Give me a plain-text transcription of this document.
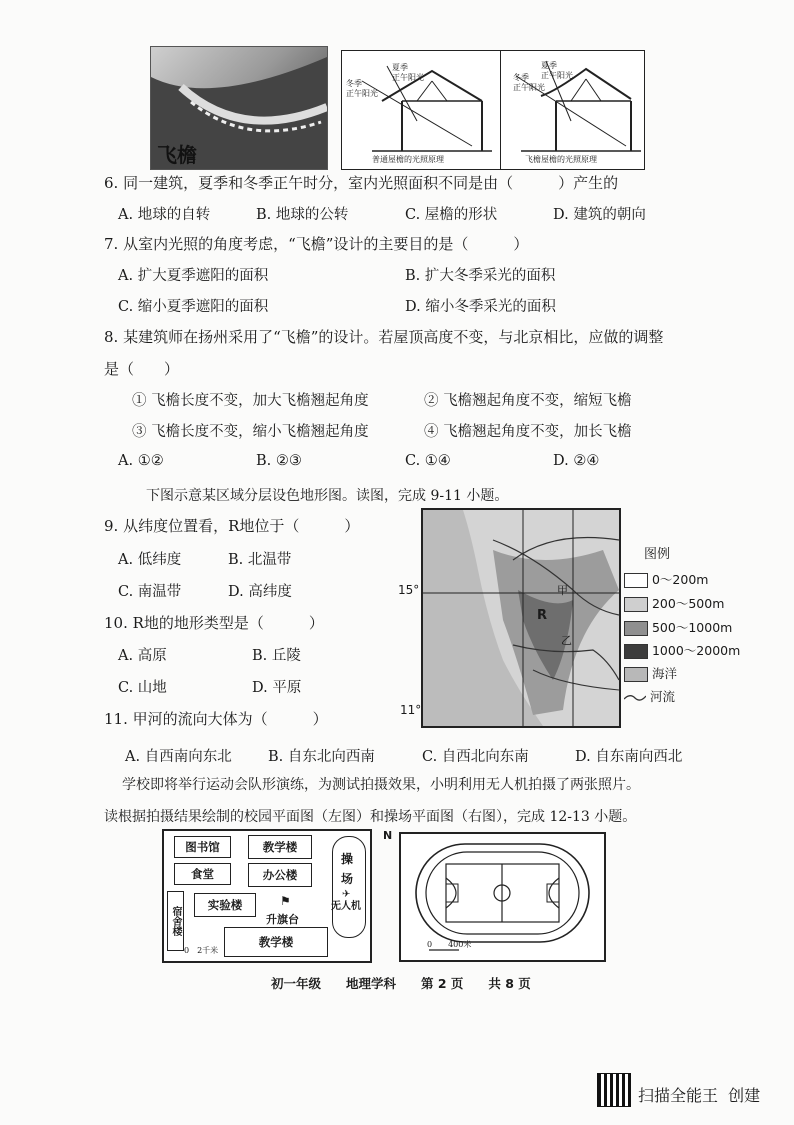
飞檐
夏季
正午阳光
冬季
正午阳光
普通屋檐的光照原理
夏季
正午阳光
冬季
正午阳光
飞檐屋檐的光照原理
6. 同一建筑，夏季和冬季正午时分，室内光照面积不同是由（　　　）产生的
A. 地球的自转	B. 地球的公转	C. 屋檐的形状	D. 建筑的朝向
7. 从室内光照的角度考虑，“飞檐”设计的主要目的是（　　　）
A. 扩大夏季遮阳的面积	B. 扩大冬季采光的面积
C. 缩小夏季遮阳的面积	D. 缩小冬季采光的面积
8. 某建筑师在扬州采用了“飞檐”的设计。若屋顶高度不变，与北京相比，应做的调整
是（　　）
① 飞檐长度不变，加大飞檐翘起角度	② 飞檐翘起角度不变，缩短飞檐
③ 飞檐长度不变，缩小飞檐翘起角度	④ 飞檐翘起角度不变，加长飞檐
A. ①②	B. ②③	C. ①④	D. ②④
下图示意某区域分层设色地形图。读图，完成 9-11 小题。
9. 从纬度位置看，R地位于（　　　）
A. 低纬度	B. 北温带
C. 南温带	D. 高纬度
10. R地的地形类型是（　　　）
A. 高原	B. 丘陵
C. 山地	D. 平原
11. 甲河的流向大体为（　　　）
R
甲
乙
15°
11°
图例
0～200m
200～500m
500～1000m
1000～2000m
海洋
河流
A. 自西南向东北	B. 自东北向西南	C. 自西北向东南	D. 自东南向西北
学校即将举行运动会队形演练，为测试拍摄效果，小明利用无人机拍摄了两张照片。
读根据拍摄结果绘制的校园平面图（左图）和操场平面图（右图），完成 12-13 小题。
图书馆	教学楼
食堂	办公楼
实验楼
宿舍楼
教学楼
操
场
无人机
✈
⚑
升旗台
0　2千米
N
0　　400米
初一年级　　地理学科　　第 2 页　　共 8 页
扫描全能王  创建
